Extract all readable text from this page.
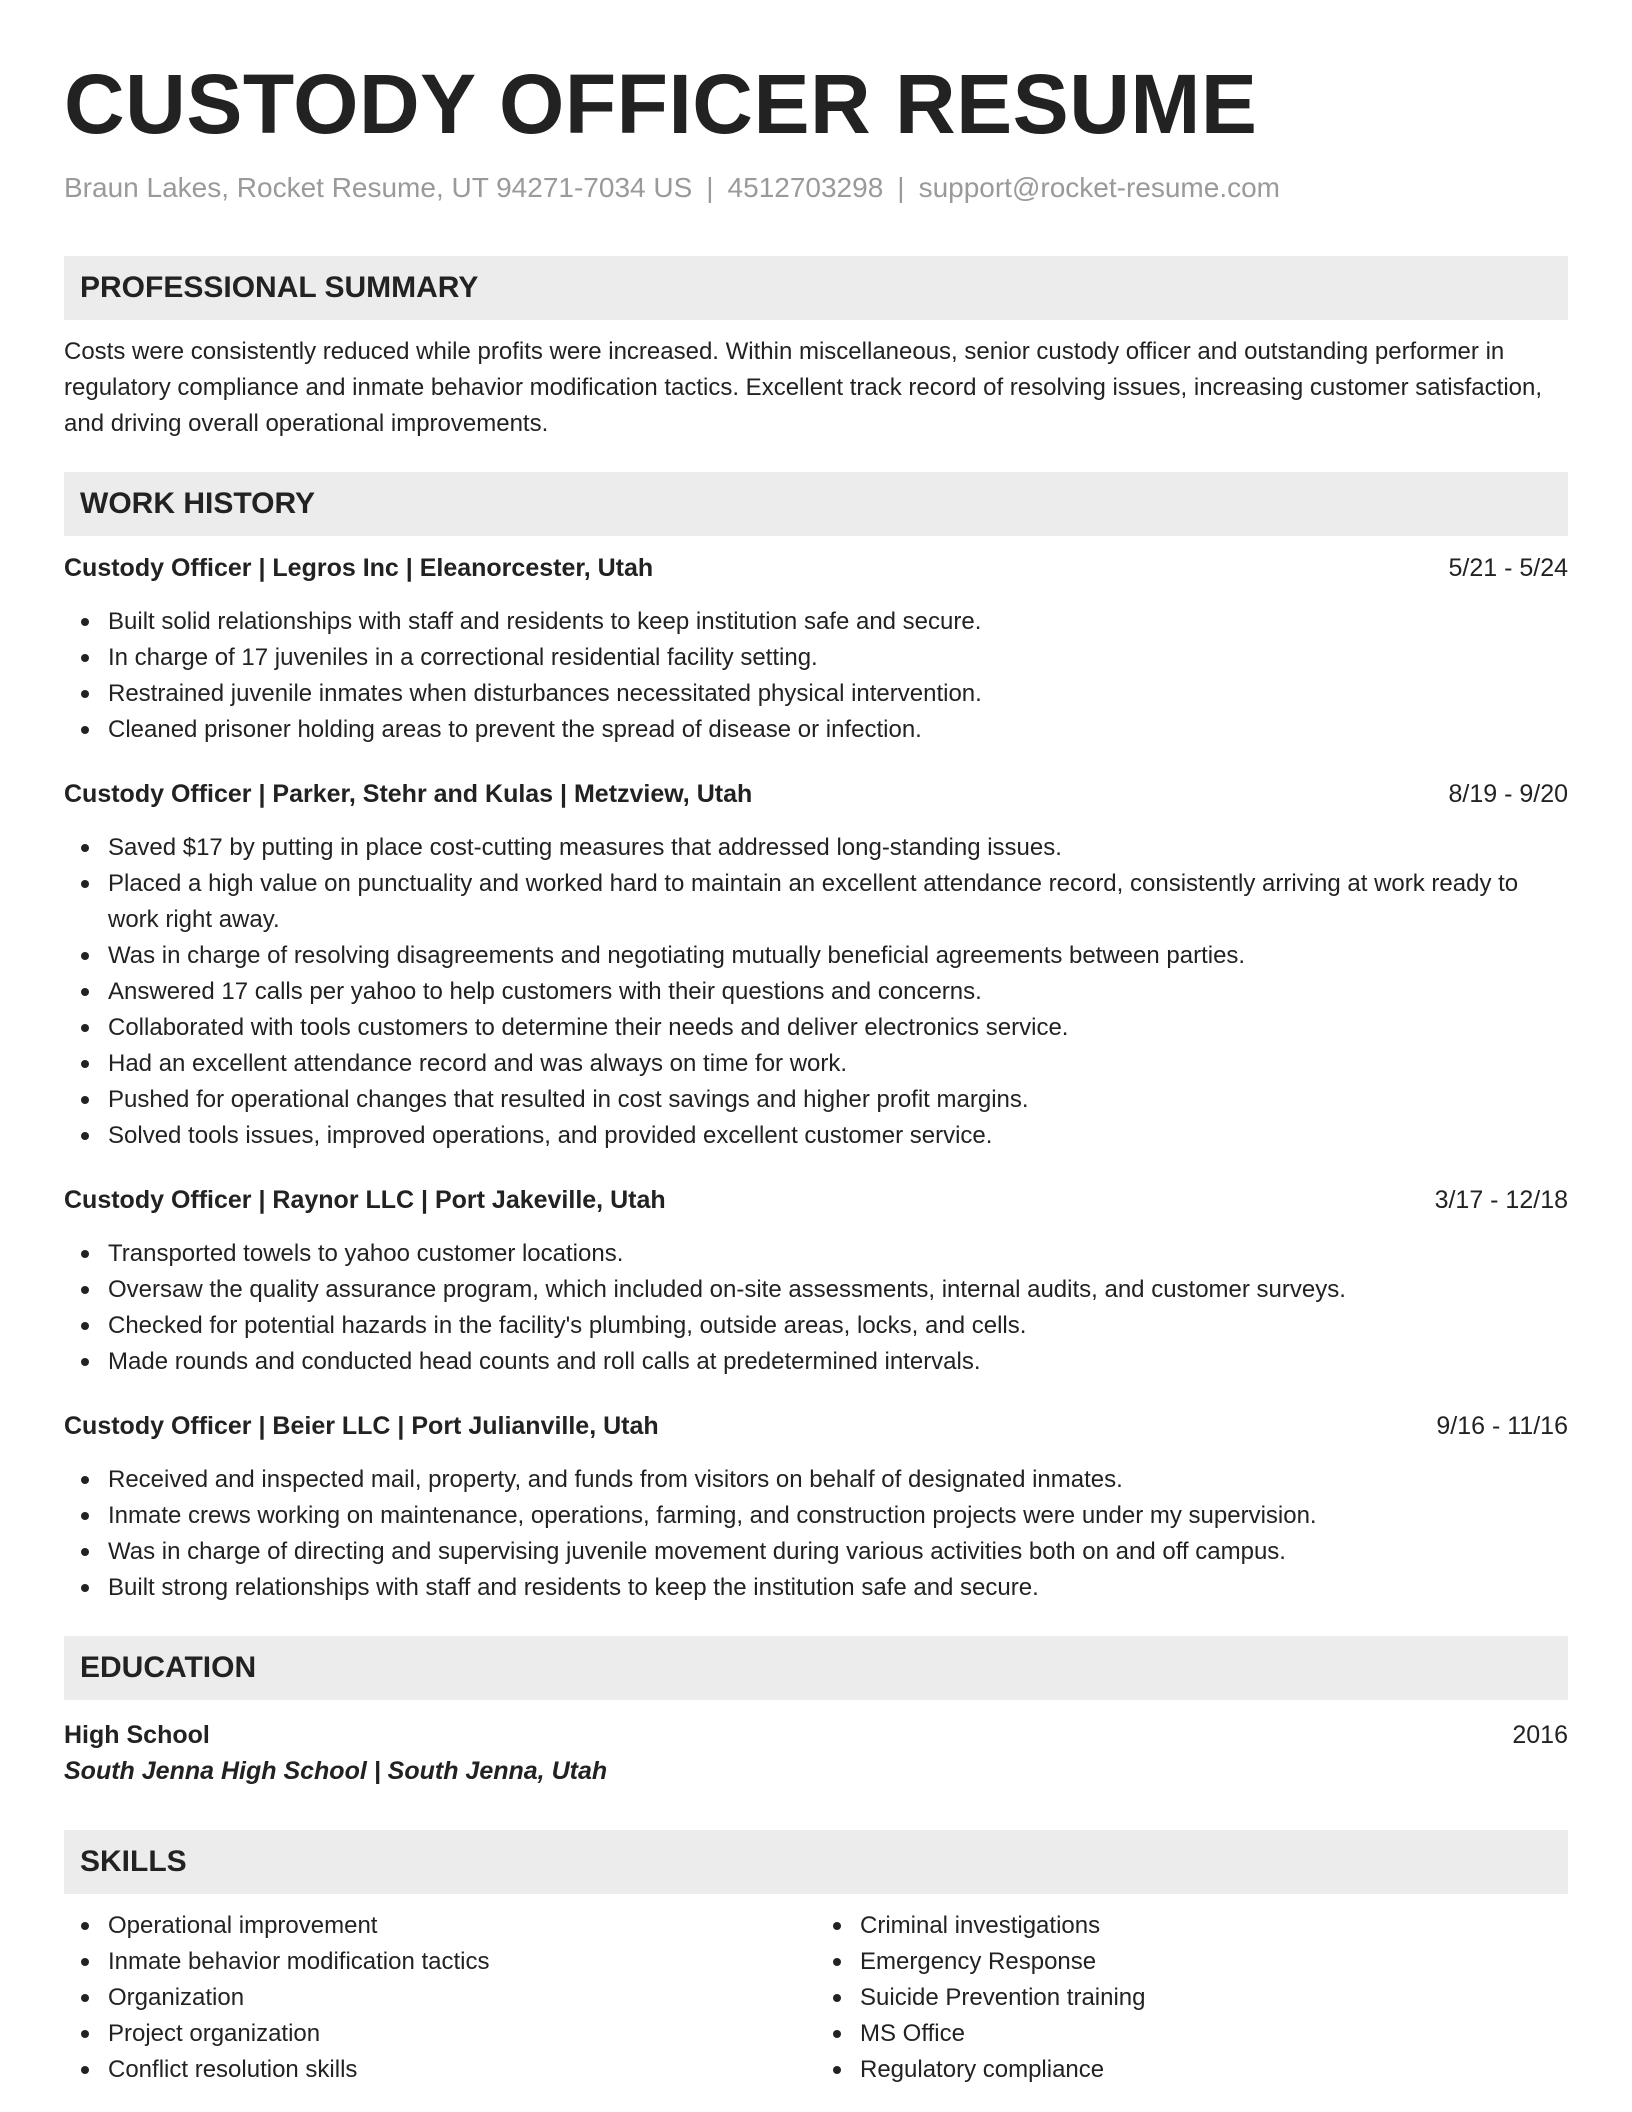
CUSTODY OFFICER RESUME
Braun Lakes, Rocket Resume, UT 94271-7034 US | 4512703298 | support@rocket-resume.com
PROFESSIONAL SUMMARY
Costs were consistently reduced while profits were increased. Within miscellaneous, senior custody officer and outstanding performer in regulatory compliance and inmate behavior modification tactics. Excellent track record of resolving issues, increasing customer satisfaction, and driving overall operational improvements.
WORK HISTORY
Custody Officer | Legros Inc | Eleanorcester, Utah	5/21 - 5/24
Built solid relationships with staff and residents to keep institution safe and secure.
In charge of 17 juveniles in a correctional residential facility setting.
Restrained juvenile inmates when disturbances necessitated physical intervention.
Cleaned prisoner holding areas to prevent the spread of disease or infection.
Custody Officer | Parker, Stehr and Kulas | Metzview, Utah	8/19 - 9/20
Saved $17 by putting in place cost-cutting measures that addressed long-standing issues.
Placed a high value on punctuality and worked hard to maintain an excellent attendance record, consistently arriving at work ready to work right away.
Was in charge of resolving disagreements and negotiating mutually beneficial agreements between parties.
Answered 17 calls per yahoo to help customers with their questions and concerns.
Collaborated with tools customers to determine their needs and deliver electronics service.
Had an excellent attendance record and was always on time for work.
Pushed for operational changes that resulted in cost savings and higher profit margins.
Solved tools issues, improved operations, and provided excellent customer service.
Custody Officer | Raynor LLC | Port Jakeville, Utah	3/17 - 12/18
Transported towels to yahoo customer locations.
Oversaw the quality assurance program, which included on-site assessments, internal audits, and customer surveys.
Checked for potential hazards in the facility's plumbing, outside areas, locks, and cells.
Made rounds and conducted head counts and roll calls at predetermined intervals.
Custody Officer | Beier LLC | Port Julianville, Utah	9/16 - 11/16
Received and inspected mail, property, and funds from visitors on behalf of designated inmates.
Inmate crews working on maintenance, operations, farming, and construction projects were under my supervision.
Was in charge of directing and supervising juvenile movement during various activities both on and off campus.
Built strong relationships with staff and residents to keep the institution safe and secure.
EDUCATION
High School	2016
South Jenna High School | South Jenna, Utah
SKILLS
Operational improvement
Inmate behavior modification tactics
Organization
Project organization
Conflict resolution skills
Criminal investigations
Emergency Response
Suicide Prevention training
MS Office
Regulatory compliance
